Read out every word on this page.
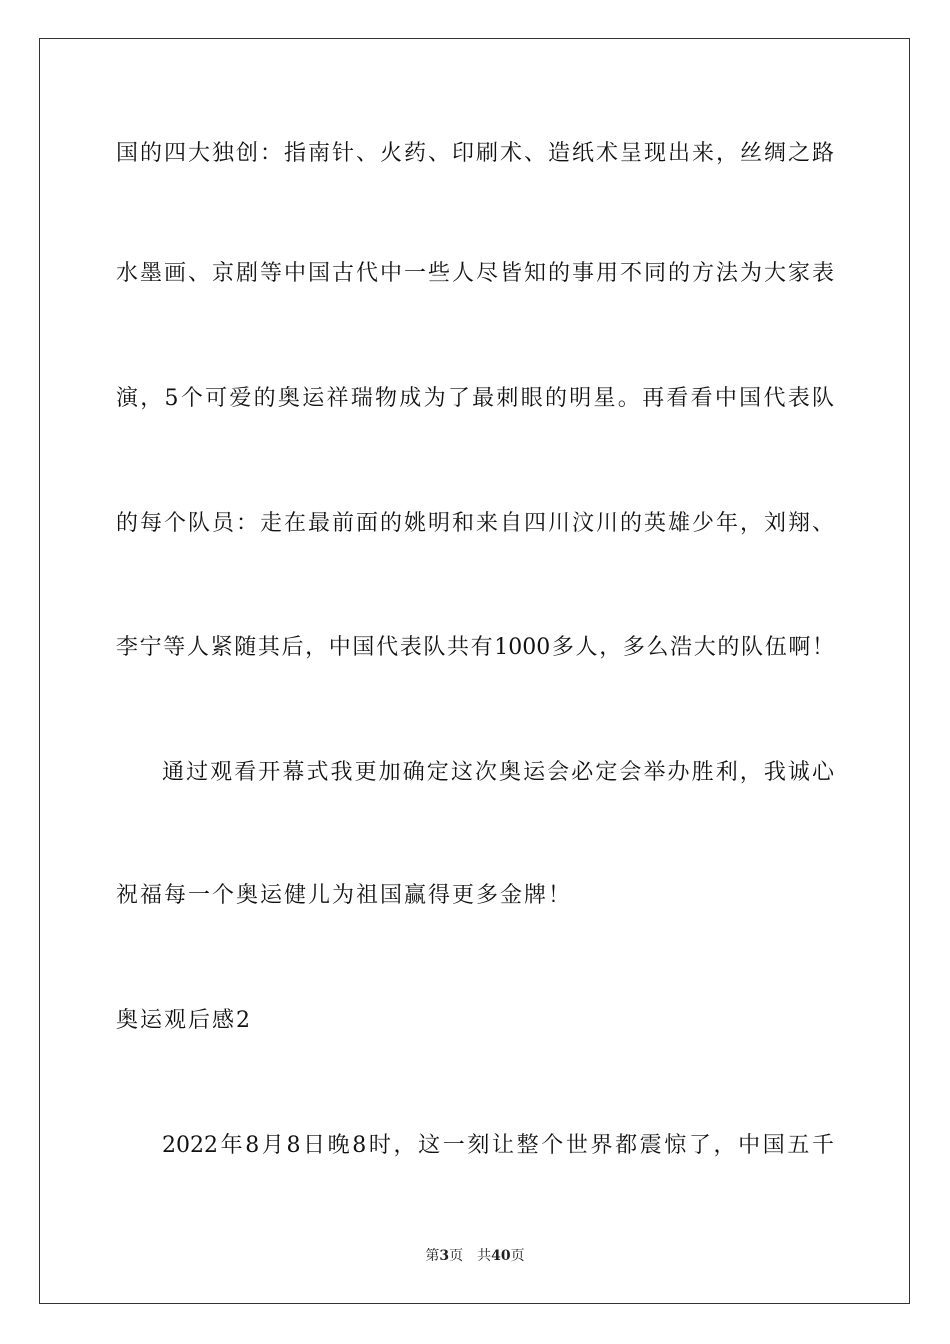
国的四大独创：指南针、火药、印刷术、造纸术呈现出来，丝绸之路
水墨画、京剧等中国古代中一些人尽皆知的事用不同的方法为大家表
演，5个可爱的奥运祥瑞物成为了最刺眼的明星。再看看中国代表队
的每个队员：走在最前面的姚明和来自四川汶川的英雄少年，刘翔、
李宁等人紧随其后，中国代表队共有1000多人，多么浩大的队伍啊！
通过观看开幕式我更加确定这次奥运会必定会举办胜利，我诚心
祝福每一个奥运健儿为祖国赢得更多金牌！
奥运观后感2
2022年8月8日晚8时，这一刻让整个世界都震惊了，中国五千
第3页 共40页
